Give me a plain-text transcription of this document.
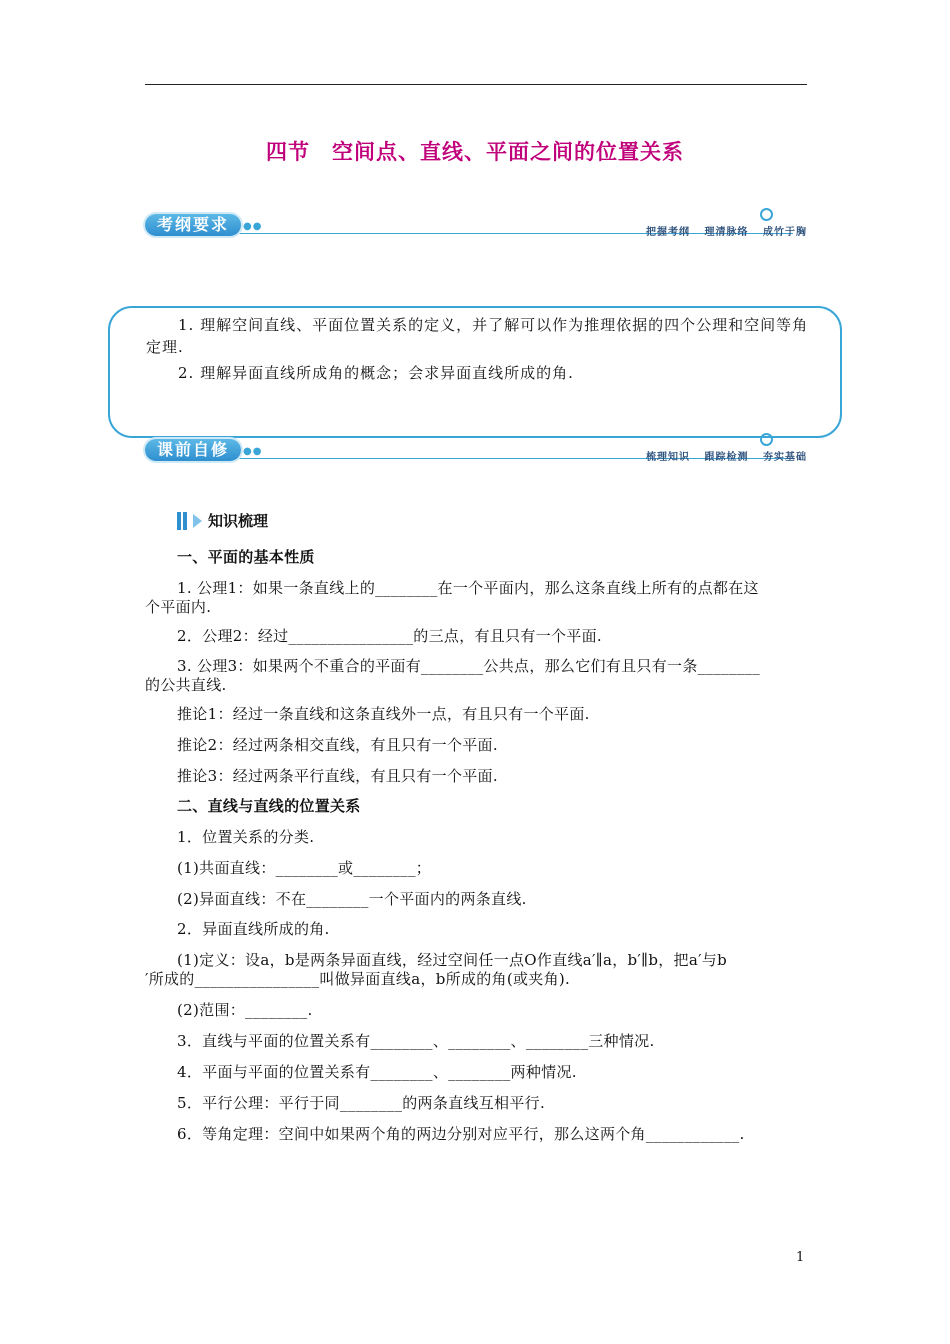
四节　空间点、直线、平面之间的位置关系
考纲要求	●●
把握考纲 理清脉络 成竹于胸

1. 理解空间直线、平面位置关系的定义，并了解可以作为推理依据的四个公理和空间等角定理.

2. 理解异面直线所成角的概念；会求异面直线所成的角.

课前自修	●●
梳理知识 跟踪检测 夯实基础
知识梳理
一、平面的基本性质
1. 公理1：如果一条直线上的________在一个平面内，那么这条直线上所有的点都在这
个平面内.
2．公理2：经过________________的三点，有且只有一个平面.
3. 公理3：如果两个不重合的平面有________公共点，那么它们有且只有一条________
的公共直线.
推论1：经过一条直线和这条直线外一点，有且只有一个平面.
推论2：经过两条相交直线，有且只有一个平面.
推论3：经过两条平行直线，有且只有一个平面.
二、直线与直线的位置关系
1．位置关系的分类.
(1)共面直线：________或________；
(2)异面直线：不在________一个平面内的两条直线.
2．异面直线所成的角.
(1)定义：设a，b是两条异面直线，经过空间任一点O作直线a′∥a，b′∥b，把a′与b
′所成的________________叫做异面直线a，b所成的角(或夹角).
(2)范围：________.
3．直线与平面的位置关系有________、________、________三种情况.
4．平面与平面的位置关系有________、________两种情况.
5．平行公理：平行于同________的两条直线互相平行.
6．等角定理：空间中如果两个角的两边分别对应平行，那么这两个角____________.
1
